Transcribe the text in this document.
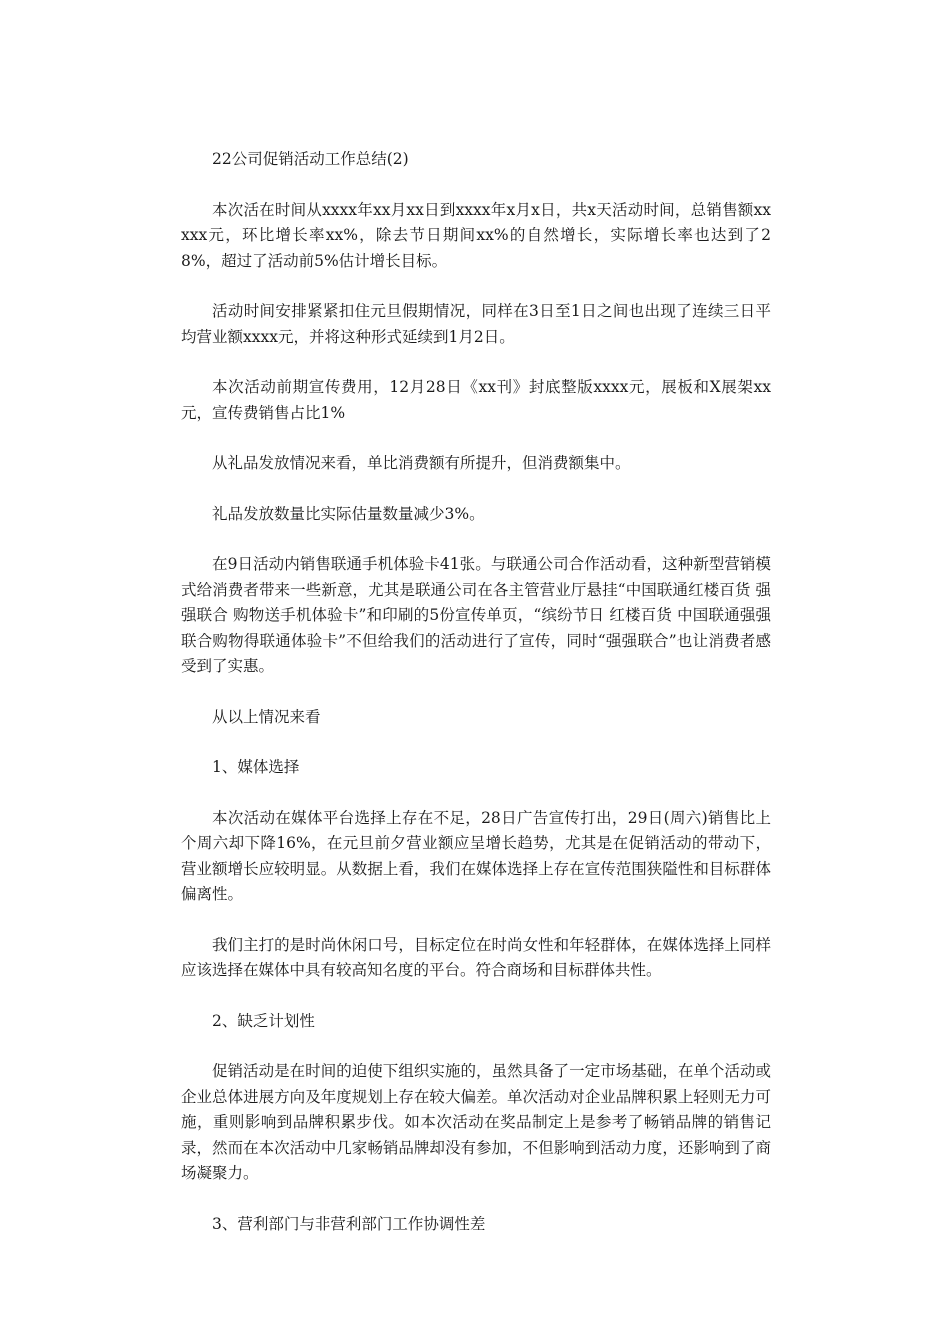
22公司促销活动工作总结(2)

本次活在时间从xxxx年xx月xx日到xxxx年x月x日，共x天活动时间，总销售额xxxxx元，环比增长率xx%，除去节日期间xx%的自然增长，实际增长率也达到了28%，超过了活动前5%估计增长目标。

活动时间安排紧紧扣住元旦假期情况，同样在3日至1日之间也出现了连续三日平均营业额xxxx元，并将这种形式延续到1月2日。

本次活动前期宣传费用，12月28日《xx刊》封底整版xxxx元，展板和X展架xx元，宣传费销售占比1%

从礼品发放情况来看，单比消费额有所提升，但消费额集中。

礼品发放数量比实际估量数量减少3%。

在9日活动内销售联通手机体验卡41张。与联通公司合作活动看，这种新型营销模式给消费者带来一些新意，尤其是联通公司在各主管营业厅悬挂“中国联通红楼百货 强强联合 购物送手机体验卡”和印刷的5份宣传单页，“缤纷节日 红楼百货 中国联通强强联合购物得联通体验卡”不但给我们的活动进行了宣传，同时“强强联合”也让消费者感受到了实惠。

从以上情况来看

1、媒体选择

本次活动在媒体平台选择上存在不足，28日广告宣传打出，29日(周六)销售比上个周六却下降16%，在元旦前夕营业额应呈增长趋势，尤其是在促销活动的带动下，营业额增长应较明显。从数据上看，我们在媒体选择上存在宣传范围狭隘性和目标群体偏离性。

我们主打的是时尚休闲口号，目标定位在时尚女性和年轻群体，在媒体选择上同样应该选择在媒体中具有较高知名度的平台。符合商场和目标群体共性。

2、缺乏计划性

促销活动是在时间的迫使下组织实施的，虽然具备了一定市场基础，在单个活动或企业总体进展方向及年度规划上存在较大偏差。单次活动对企业品牌积累上轻则无力可施，重则影响到品牌积累步伐。如本次活动在奖品制定上是参考了畅销品牌的销售记录，然而在本次活动中几家畅销品牌却没有参加，不但影响到活动力度，还影响到了商场凝聚力。

3、营利部门与非营利部门工作协调性差
